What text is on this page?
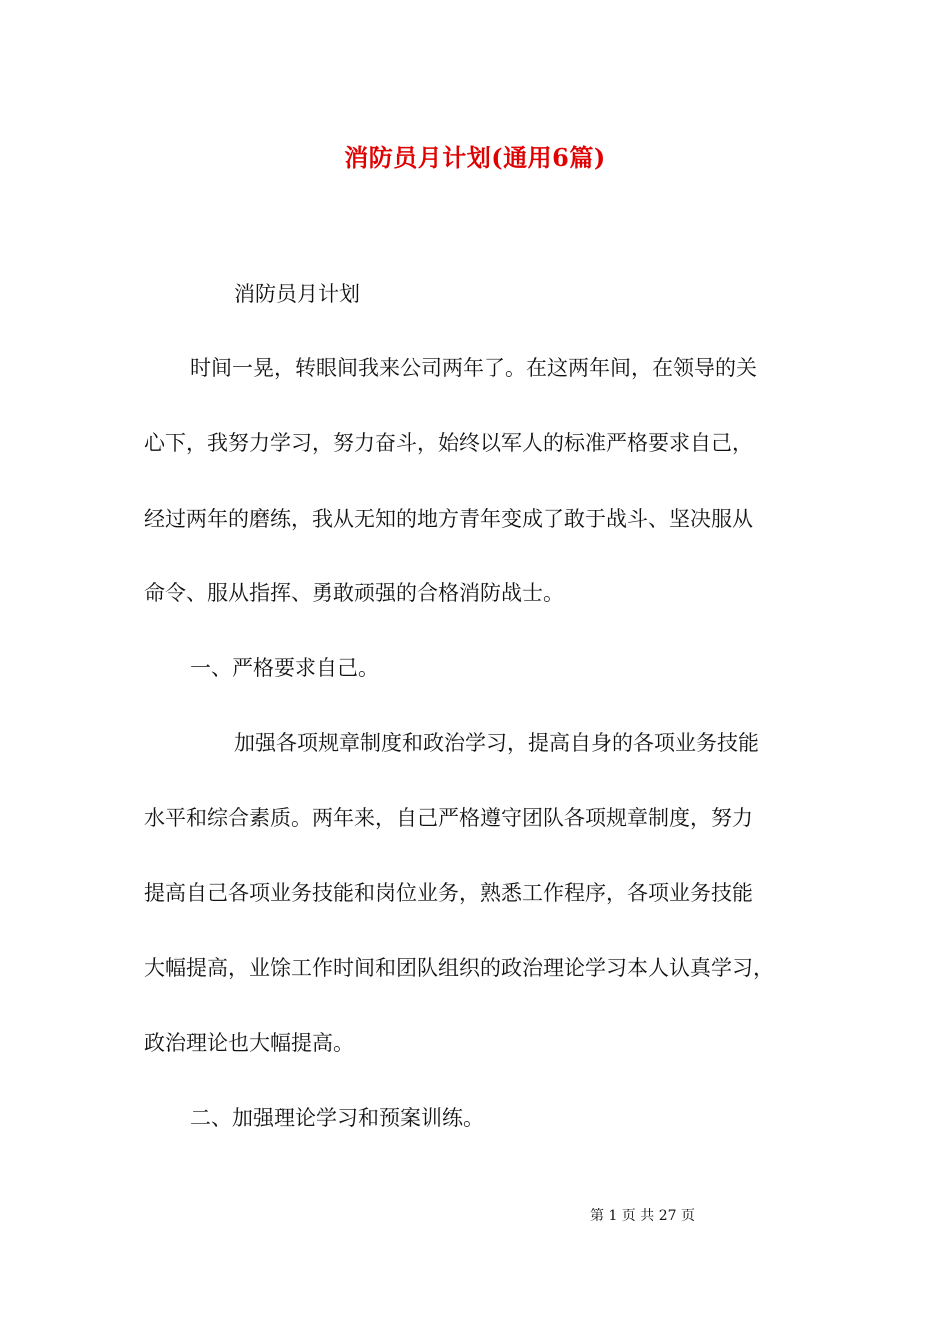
消防员月计划(通用6篇)
消防员月计划
时间一晃，转眼间我来公司两年了。在这两年间，在领导的关
心下，我努力学习，努力奋斗，始终以军人的标准严格要求自己，
经过两年的磨练，我从无知的地方青年变成了敢于战斗、坚决服从
命令、服从指挥、勇敢顽强的合格消防战士。
一、严格要求自己。
加强各项规章制度和政治学习，提高自身的各项业务技能
水平和综合素质。两年来，自己严格遵守团队各项规章制度，努力
提高自己各项业务技能和岗位业务，熟悉工作程序，各项业务技能
大幅提高，业馀工作时间和团队组织的政治理论学习本人认真学习，
政治理论也大幅提高。
二、加强理论学习和预案训练。
第 1 页 共 27 页
